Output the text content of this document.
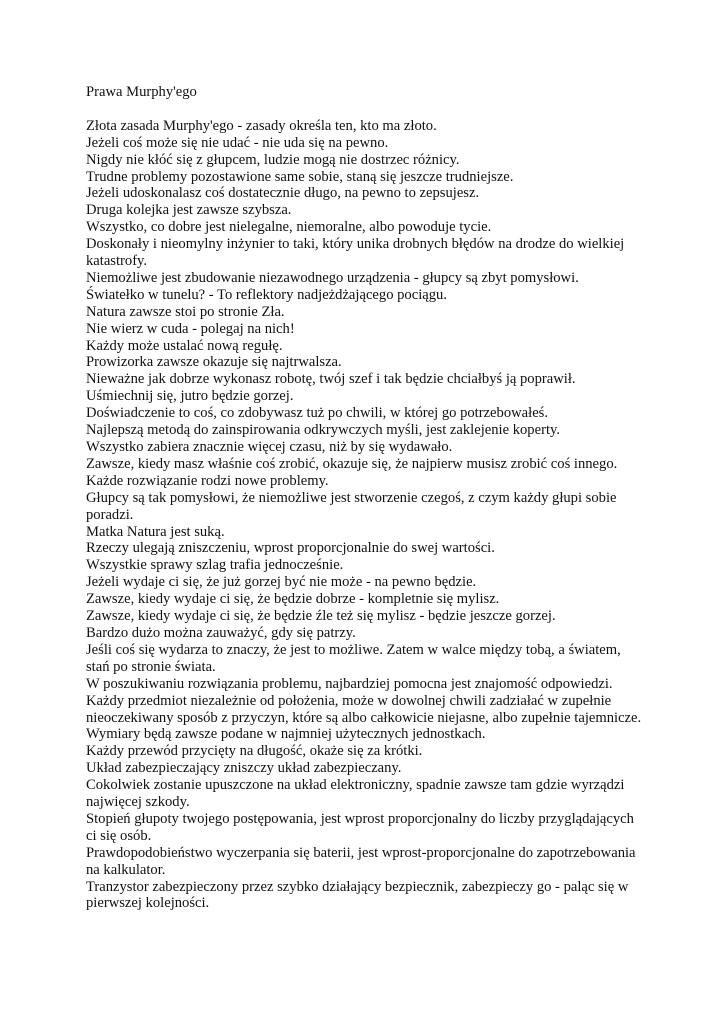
Prawa Murphy'ego
Złota zasada Murphy'ego - zasady określa ten, kto ma złoto.
Jeżeli coś może się nie udać - nie uda się na pewno.
Nigdy nie kłóć się z głupcem, ludzie mogą nie dostrzec różnicy.
Trudne problemy pozostawione same sobie, staną się jeszcze trudniejsze.
Jeżeli udoskonalasz coś dostatecznie długo, na pewno to zepsujesz.
Druga kolejka jest zawsze szybsza.
Wszystko, co dobre jest nielegalne, niemoralne, albo powoduje tycie.
Doskonały i nieomylny inżynier to taki, który unika drobnych błędów na drodze do wielkiej katastrofy.
Niemożliwe jest zbudowanie niezawodnego urządzenia - głupcy są zbyt pomysłowi.
Światełko w tunelu? - To reflektory nadjeżdżającego pociągu.
Natura zawsze stoi po stronie Zła.
Nie wierz w cuda - polegaj na nich!
Każdy może ustalać nową regułę.
Prowizorka zawsze okazuje się najtrwalsza.
Nieważne jak dobrze wykonasz robotę, twój szef i tak będzie chciałbyś ją poprawił.
Uśmiechnij się, jutro będzie gorzej.
Doświadczenie to coś, co zdobywasz tuż po chwili, w której go potrzebowałeś.
Najlepszą metodą do zainspirowania odkrywczych myśli, jest zaklejenie koperty.
Wszystko zabiera znacznie więcej czasu, niż by się wydawało.
Zawsze, kiedy masz właśnie coś zrobić, okazuje się, że najpierw musisz zrobić coś innego.
Każde rozwiązanie rodzi nowe problemy.
Głupcy są tak pomysłowi, że niemożliwe jest stworzenie czegoś, z czym każdy głupi sobie poradzi.
Matka Natura jest suką.
Rzeczy ulegają zniszczeniu, wprost proporcjonalnie do swej wartości.
Wszystkie sprawy szlag trafia jednocześnie.
Jeżeli wydaje ci się, że już gorzej być nie może - na pewno będzie.
Zawsze, kiedy wydaje ci się, że będzie dobrze - kompletnie się mylisz.
Zawsze, kiedy wydaje ci się, że będzie źle też się mylisz - będzie jeszcze gorzej.
Bardzo dużo można zauważyć, gdy się patrzy.
Jeśli coś się wydarza to znaczy, że jest to możliwe. Zatem w walce między tobą, a światem, stań po stronie świata.
W poszukiwaniu rozwiązania problemu, najbardziej pomocna jest znajomość odpowiedzi.
Każdy przedmiot niezależnie od położenia, może w dowolnej chwili zadziałać w zupełnie nieoczekiwany sposób z przyczyn, które są albo całkowicie niejasne, albo zupełnie tajemnicze.
Wymiary będą zawsze podane w najmniej użytecznych jednostkach.
Każdy przewód przycięty na długość, okaże się za krótki.
Układ zabezpieczający zniszczy układ zabezpieczany.
Cokolwiek zostanie upuszczone na układ elektroniczny, spadnie zawsze tam gdzie wyrządzi najwięcej szkody.
Stopień głupoty twojego postępowania, jest wprost proporcjonalny do liczby przyglądających ci się osób.
Prawdopodobieństwo wyczerpania się baterii, jest wprost-proporcjonalne do zapotrzebowania na kalkulator.
Tranzystor zabezpieczony przez szybko działający bezpiecznik, zabezpieczy go - paląc się w pierwszej kolejności.
